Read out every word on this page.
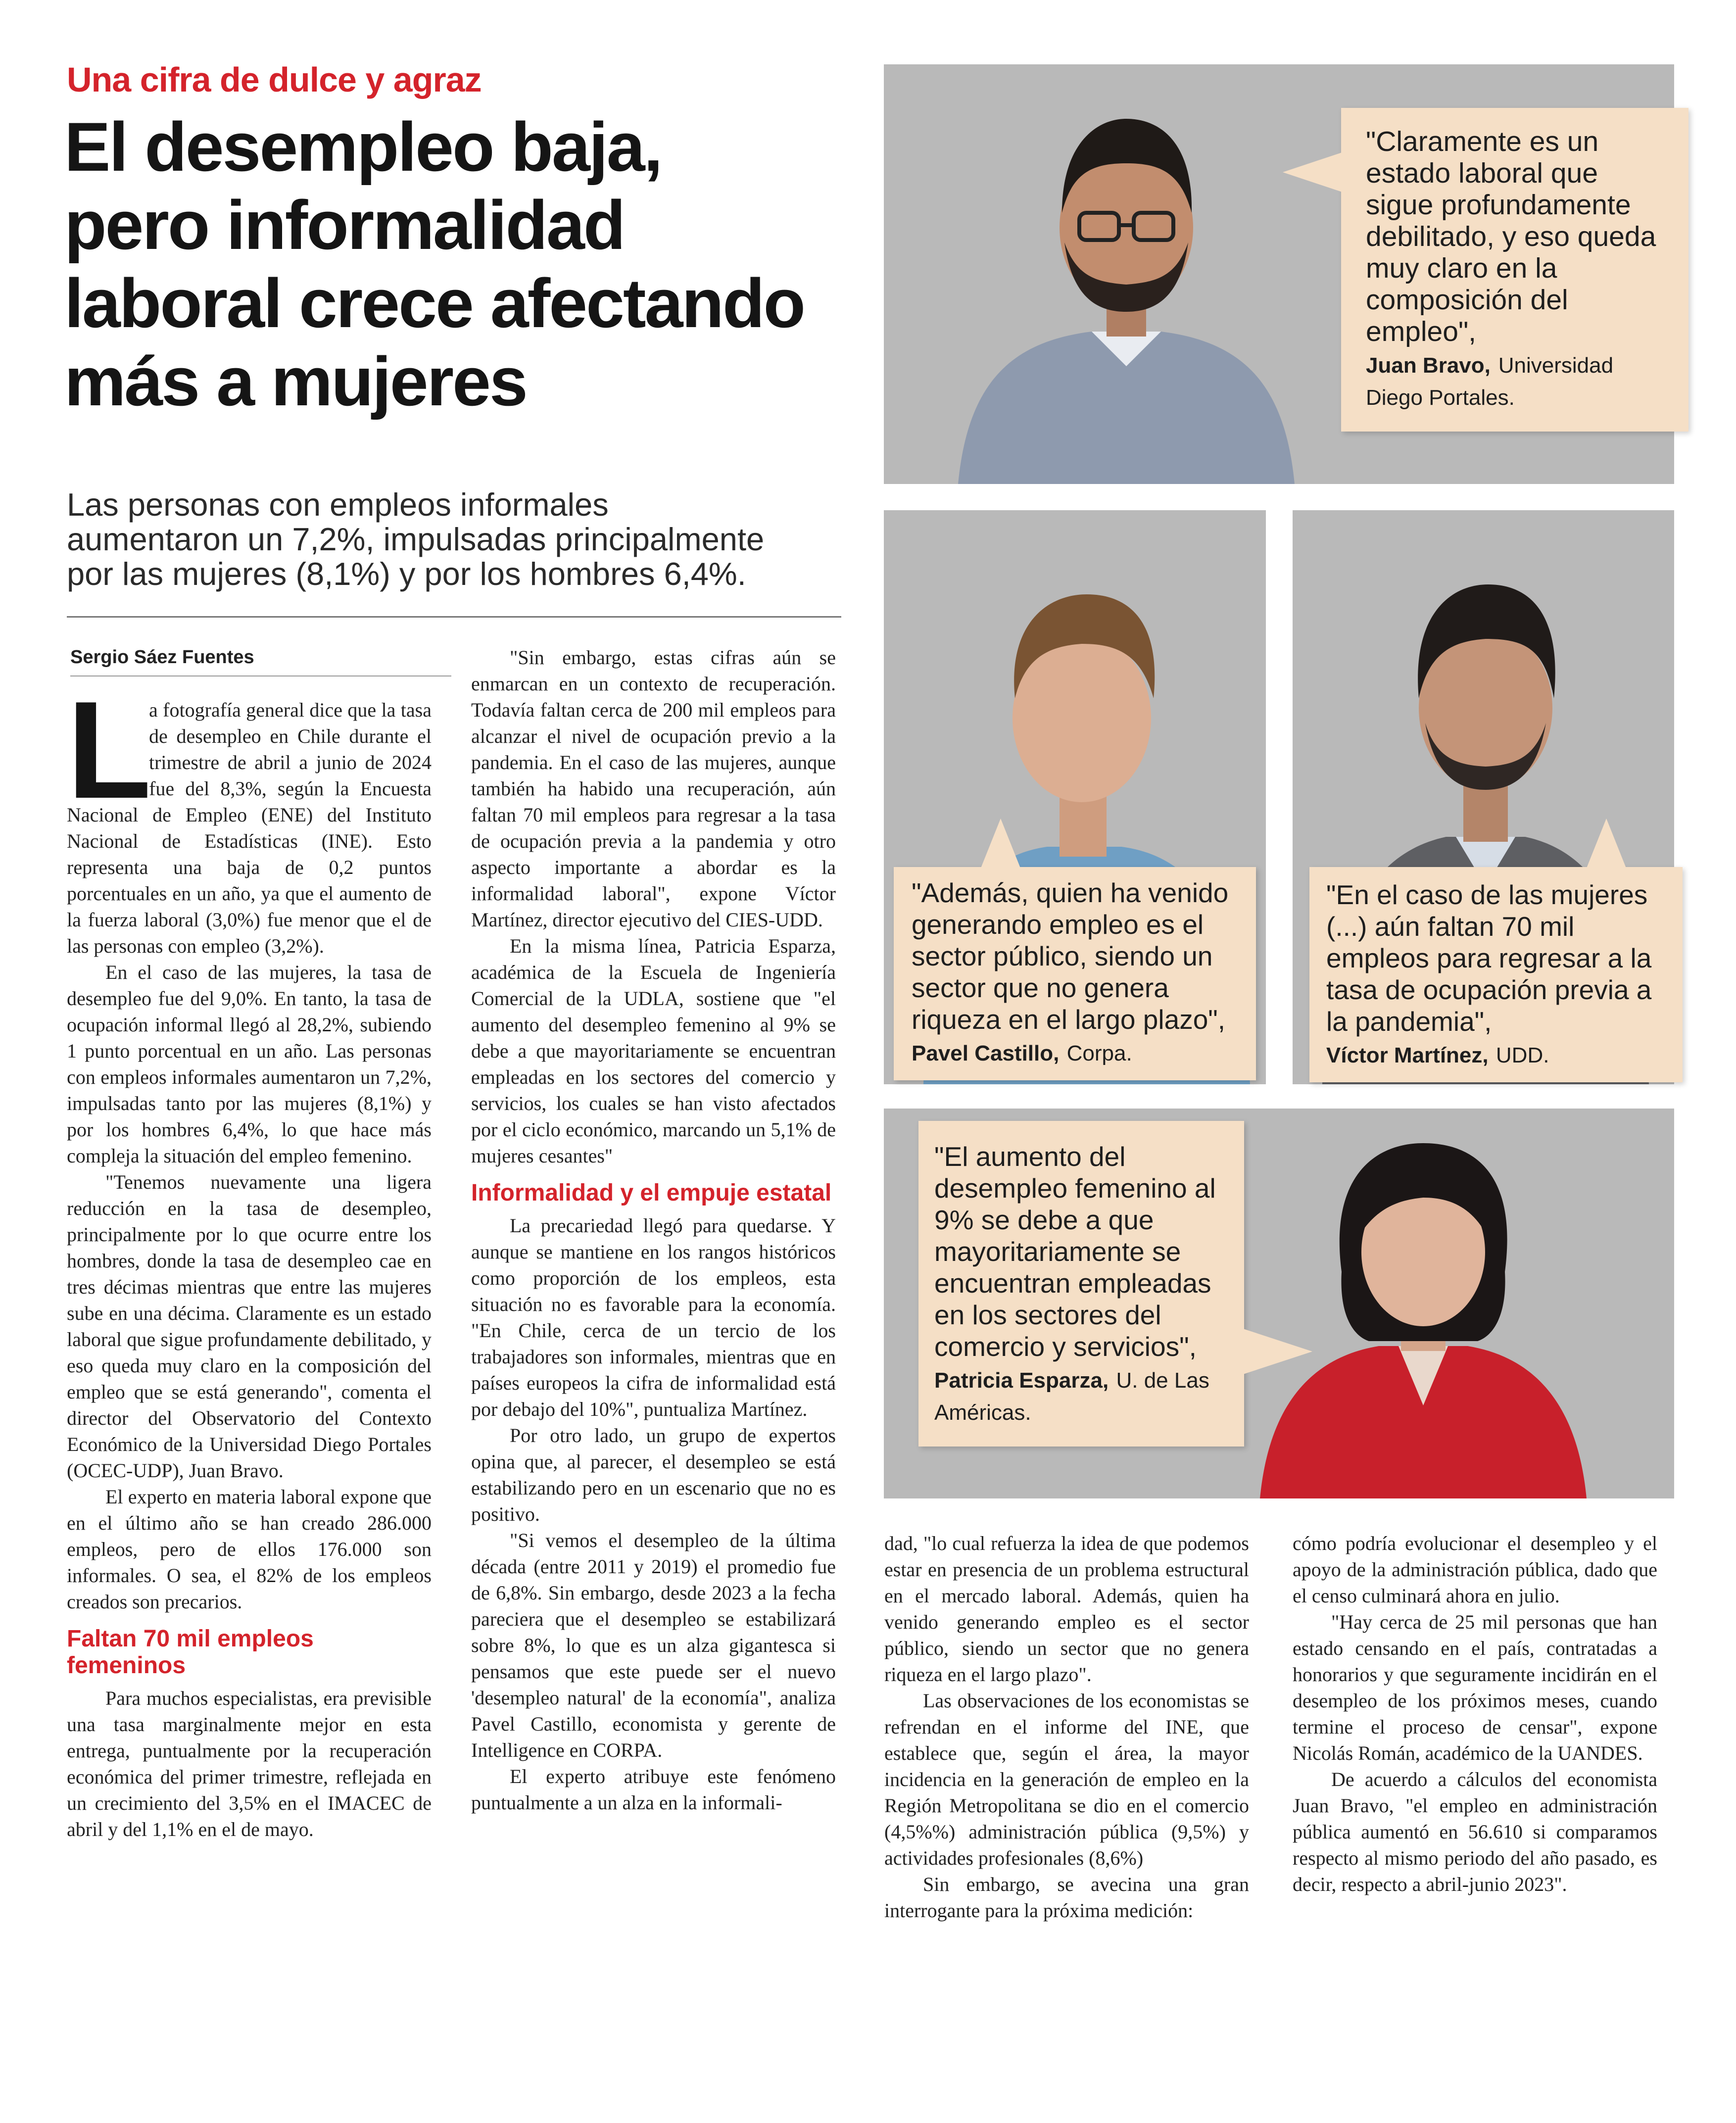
Una cifra de dulce y agraz
El desempleo baja,
pero informalidad
laboral crece afectando
más a mujeres
Las personas con empleos informales
aumentaron un 7,2%, impulsadas principalmente
por las mujeres (8,1%) y por los hombres 6,4%.
Sergio Sáez Fuentes

L
a fotografía general dice que la tasa de desempleo en Chile durante el trimestre de abril a junio de 2024 fue del 8,3%, según la Encuesta Nacional de Empleo (ENE) del Instituto Nacional de Estadísticas (INE). Esto representa una baja de 0,2 puntos porcentuales en un año, ya que el aumento de la fuerza laboral (3,0%) fue menor que el de las personas con empleo (3,2%).

En el caso de las mujeres, la tasa de desempleo fue del 9,0%. En tanto, la tasa de ocupación informal llegó al 28,2%, subiendo 1 punto porcentual en un año. Las personas con empleos informales aumentaron un 7,2%, impulsadas tanto por las mujeres (8,1%) y por los hombres 6,4%, lo que hace más compleja la situación del empleo femenino.

"Tenemos nuevamente una ligera reducción en la tasa de desempleo, principalmente por lo que ocurre entre los hombres, donde la tasa de desempleo cae en tres décimas mientras que entre las mujeres sube en una décima. Claramente es un estado laboral que sigue profundamente debilitado, y eso queda muy claro en la composición del empleo que se está generando", comenta el director del Observatorio del Contexto Económico de la Universidad Diego Portales (OCEC-UDP), Juan Bravo.

El experto en materia laboral expone que en el último año se han creado 286.000 empleos, pero de ellos 176.000 son informales. O sea, el 82% de los empleos creados son precarios.

Faltan 70 mil empleos femeninos

Para muchos especialistas, era previsible una tasa marginalmente mejor en esta entrega, puntualmente por la recuperación económica del primer trimestre, reflejada en un crecimiento del 3,5% en el IMACEC de abril y del 1,1% en el de mayo.

"Sin embargo, estas cifras aún se enmarcan en un contexto de recuperación. Todavía faltan cerca de 200 mil empleos para alcanzar el nivel de ocupación previo a la pandemia. En el caso de las mujeres, aunque también ha habido una recuperación, aún faltan 70 mil empleos para regresar a la tasa de ocupación previa a la pandemia y otro aspecto importante a abordar es la informalidad laboral", expone Víctor Martínez, director ejecutivo del CIES-UDD.

En la misma línea, Patricia Esparza, académica de la Escuela de Ingeniería Comercial de la UDLA, sostiene que "el aumento del desempleo femenino al 9% se debe a que mayoritariamente se encuentran empleadas en los sectores del comercio y servicios, los cuales se han visto afectados por el ciclo económico, marcando un 5,1% de mujeres cesantes"

Informalidad y el empuje estatal

La precariedad llegó para quedarse. Y aunque se mantiene en los rangos históricos como proporción de los empleos, esta situación no es favorable para la economía. "En Chile, cerca de un tercio de los trabajadores son informales, mientras que en países europeos la cifra de informalidad está por debajo del 10%", puntualiza Martínez.

Por otro lado, un grupo de expertos opina que, al parecer, el desempleo se está estabilizando pero en un escenario que no es positivo.

"Si vemos el desempleo de la última década (entre 2011 y 2019) el promedio fue de 6,8%. Sin embargo, desde 2023 a la fecha pareciera que el desempleo se estabilizará sobre 8%, lo que es un alza gigantesca si pensamos que este puede ser el nuevo 'desempleo natural' de la economía", analiza Pavel Castillo, economista y gerente de Intelligence en CORPA.

El experto atribuye este fenómeno puntualmente a un alza en la informali-

dad, "lo cual refuerza la idea de que podemos estar en presencia de un problema estructural en el mercado laboral. Además, quien ha venido generando empleo es el sector público, siendo un sector que no genera riqueza en el largo plazo".

Las observaciones de los economistas se refrendan en el informe del INE, que establece que, según el área, la mayor incidencia en la generación de empleo en la Región Metropolitana se dio en el comercio (4,5%%) administración pública (9,5%) y actividades profesionales (8,6%)

Sin embargo, se avecina una gran interrogante para la próxima medición:

cómo podría evolucionar el desempleo y el apoyo de la administración pública, dado que el censo culminará ahora en julio.

"Hay cerca de 25 mil personas que han estado censando en el país, contratadas a honorarios y que seguramente incidirán en el desempleo de los próximos meses, cuando termine el proceso de censar", expone Nicolás Román, académico de la UANDES.

De acuerdo a cálculos del economista Juan Bravo, "el empleo en administración pública aumentó en 56.610 si comparamos respecto al mismo periodo del año pasado, es decir, respecto a abril-junio 2023".

"Claramente es un estado laboral que sigue profundamente debilitado, y eso queda muy claro en la composición del empleo",
Juan Bravo, Universidad Diego Portales.
"Además, quien ha venido generando empleo es el sector público, siendo un sector que no genera riqueza en el largo plazo",
Pavel Castillo, Corpa.
"En el caso de las mujeres (...) aún faltan 70 mil empleos para regresar a la tasa de ocupación previa a la pandemia",
Víctor Martínez, UDD.
"El aumento del desempleo femenino al 9% se debe a que mayoritariamente se encuentran empleadas en los sectores del comercio y servicios",
Patricia Esparza, U. de Las Américas.
